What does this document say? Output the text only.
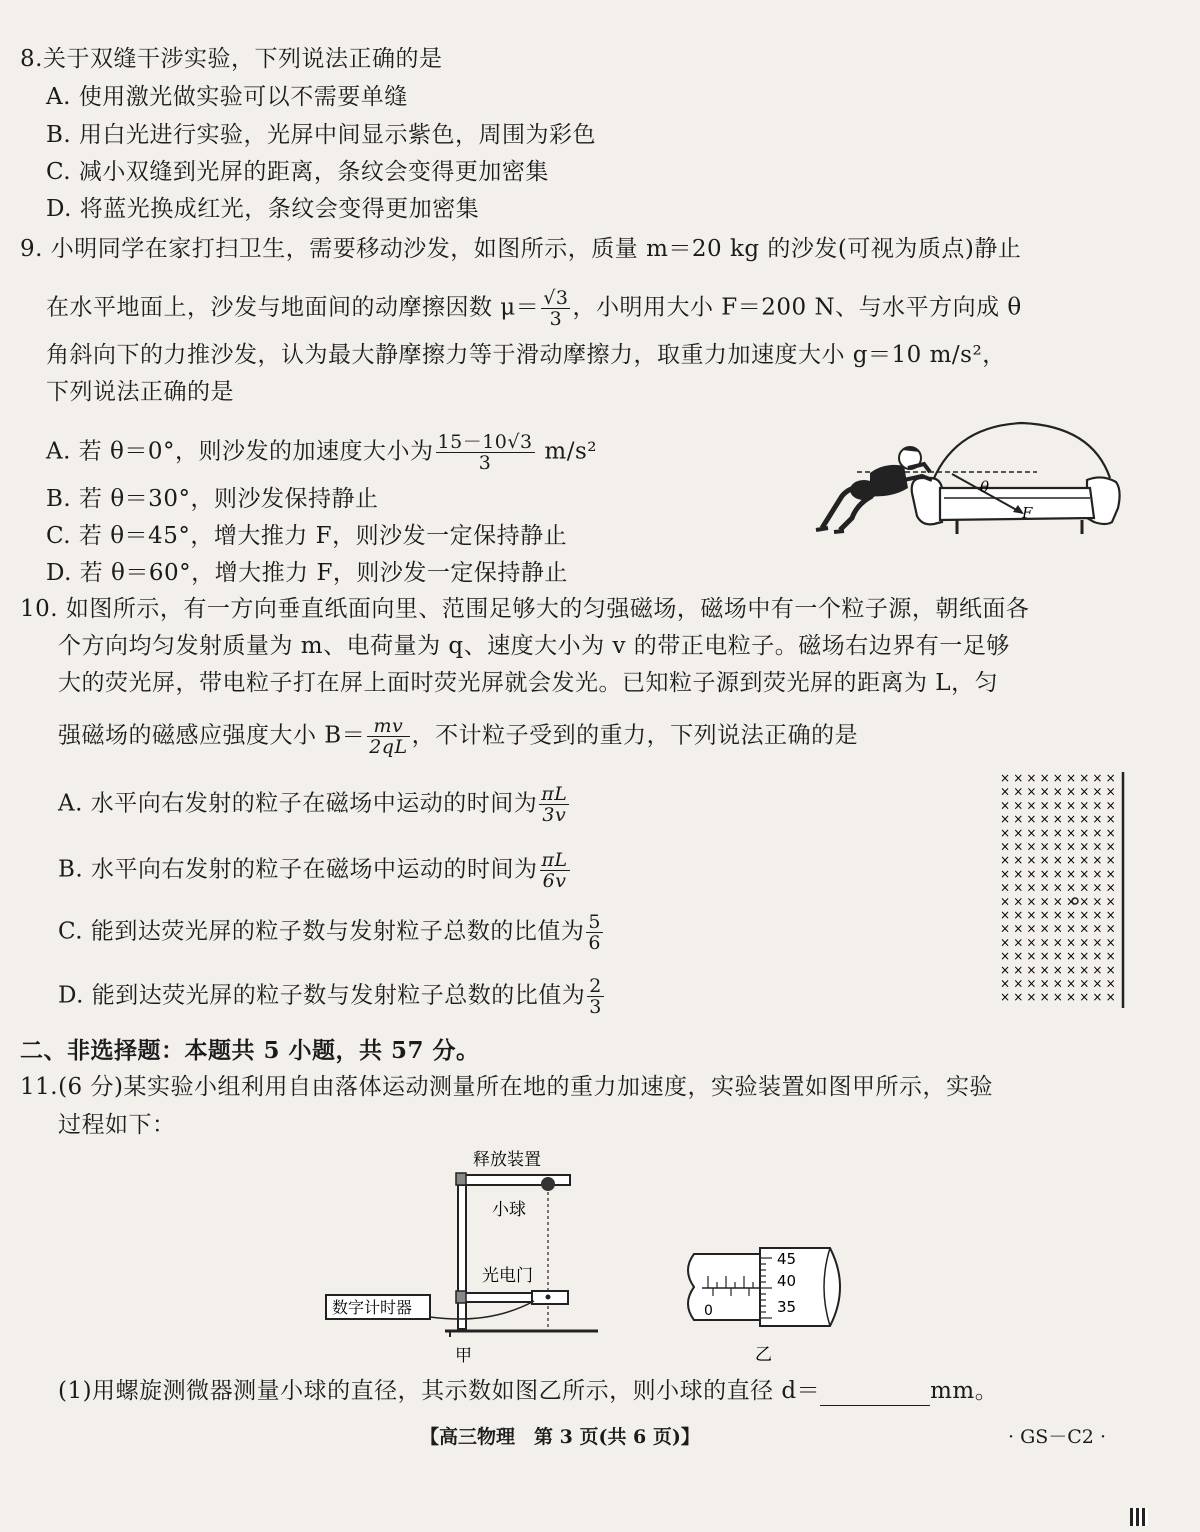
8.关于双缝干涉实验，下列说法正确的是
A. 使用激光做实验可以不需要单缝
B. 用白光进行实验，光屏中间显示紫色，周围为彩色
C. 减小双缝到光屏的距离，条纹会变得更加密集
D. 将蓝光换成红光，条纹会变得更加密集
9. 小明同学在家打扫卫生，需要移动沙发，如图所示，质量 m＝20 kg 的沙发(可视为质点)静止
在水平地面上，沙发与地面间的动摩擦因数 $\mu= \frac{√3}{3}$ ，小明用大小 F＝200 N、与水平方向成 θ
角斜向下的力推沙发，认为最大静摩擦力等于滑动摩擦力，取重力加速度大小 g＝10 m/s²，
下列说法正确的是
A. 若 θ＝0°，则沙发的加速度大小为 $\frac{15-10√3}{3} m/s^2$
B. 若 θ＝30°，则沙发保持静止
C. 若 θ＝45°，增大推力 F，则沙发一定保持静止
D. 若 θ＝60°，增大推力 F，则沙发一定保持静止
θ
F
10. 如图所示，有一方向垂直纸面向里、范围足够大的匀强磁场，磁场中有一个粒子源，朝纸面各
个方向均匀发射质量为 m、电荷量为 q、速度大小为 v 的带正电粒子。磁场右边界有一足够
大的荧光屏，带电粒子打在屏上面时荧光屏就会发光。已知粒子源到荧光屏的距离为 L，匀
强磁场的磁感应强度大小 $B= \frac{mv}{2qL}$ ，不计粒子受到的重力，下列说法正确的是
A. 水平向右发射的粒子在磁场中运动的时间为 $\frac{\pi L}{3v}$
B. 水平向右发射的粒子在磁场中运动的时间为 $\frac{\pi L}{6v}$
C. 能到达荧光屏的粒子数与发射粒子总数的比值为 $\frac{5}{6}$
D. 能到达荧光屏的粒子数与发射粒子总数的比值为 $\frac{2}{3}$
× × × × × × × × ×
× × × × × × × × ×
× × × × × × × × ×
× × × × × × × × ×
× × × × × × × × ×
× × × × × × × × ×
× × × × × × × × ×
× × × × × × × × ×
× × × × × × × × ×
× × × × × × × × ×
× × × × × × × × ×
× × × × × × × × ×
× × × × × × × × ×
× × × × × × × × ×
× × × × × × × × ×
× × × × × × × × ×
× × × × × × × × ×
二、非选择题：本题共 5 小题，共 57 分。
11.(6 分)某实验小组利用自由落体运动测量所在地的重力加速度，实验装置如图甲所示，实验
过程如下：
释放装置
小球
光电门
数字计时器
甲
0
45
40
35
乙
(1)用螺旋测微器测量小球的直径，其示数如图乙所示，则小球的直径 d＝	mm。
【高三物理　第 3 页(共 6 页)】	· GS－C2 ·
